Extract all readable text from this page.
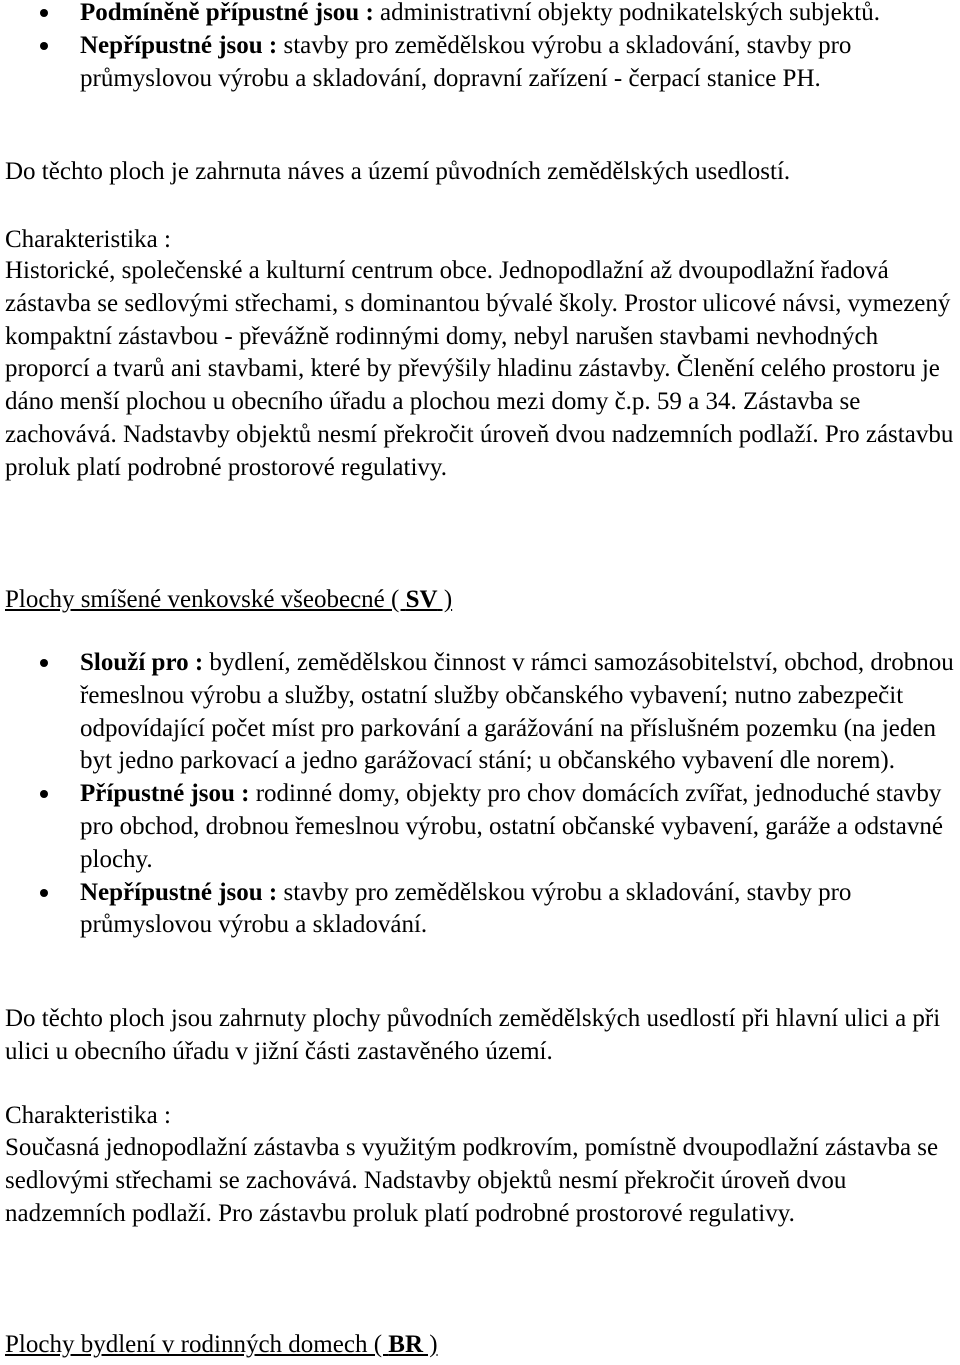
Podmíněně přípustné jsou : administrativní objekty podnikatelských subjektů.
Nepřípustné jsou : stavby pro zemědělskou výrobu a skladování, stavby pro průmyslovou výrobu a skladování, dopravní zařízení - čerpací stanice PH.

Do těchto ploch je zahrnuta náves a území původních zemědělských usedlostí.

Charakteristika :

Historické, společenské a kulturní centrum obce. Jednopodlažní až dvoupodlažní řadová zástavba se sedlovými střechami, s dominantou bývalé školy. Prostor ulicové návsi, vymezený kompaktní zástavbou - převážně rodinnými domy, nebyl narušen stavbami nevhodných proporcí a tvarů ani stavbami, které by převýšily hladinu zástavby. Členění celého prostoru je dáno menší plochou u obecního úřadu a plochou mezi domy č.p. 59 a 34. Zástavba se zachovává. Nadstavby objektů nesmí překročit úroveň dvou nadzemních podlaží. Pro zástavbu proluk platí podrobné prostorové regulativy.

Plochy smíšené venkovské všeobecné ( SV )
Slouží pro : bydlení, zemědělskou činnost v rámci samozásobitelství, obchod, drobnou řemeslnou výrobu a služby, ostatní služby občanského vybavení; nutno zabezpečit odpovídající počet míst pro parkování a garážování na příslušném pozemku (na jeden byt jedno parkovací a jedno garážovací stání; u občanského vybavení dle norem).
Přípustné jsou : rodinné domy, objekty pro chov domácích zvířat, jednoduché stavby pro obchod, drobnou řemeslnou výrobu, ostatní občanské vybavení, garáže a odstavné plochy.
Nepřípustné jsou : stavby pro zemědělskou výrobu a skladování, stavby pro průmyslovou výrobu a skladování.

Do těchto ploch jsou zahrnuty plochy původních zemědělských usedlostí při hlavní ulici a při ulici u obecního úřadu v jižní části zastavěného území.

Charakteristika :

Současná jednopodlažní zástavba s využitým podkrovím, pomístně dvoupodlažní zástavba se sedlovými střechami se zachovává. Nadstavby objektů nesmí překročit úroveň dvou nadzemních podlaží. Pro zástavbu proluk platí podrobné prostorové regulativy.

Plochy bydlení v rodinných domech ( BR )
